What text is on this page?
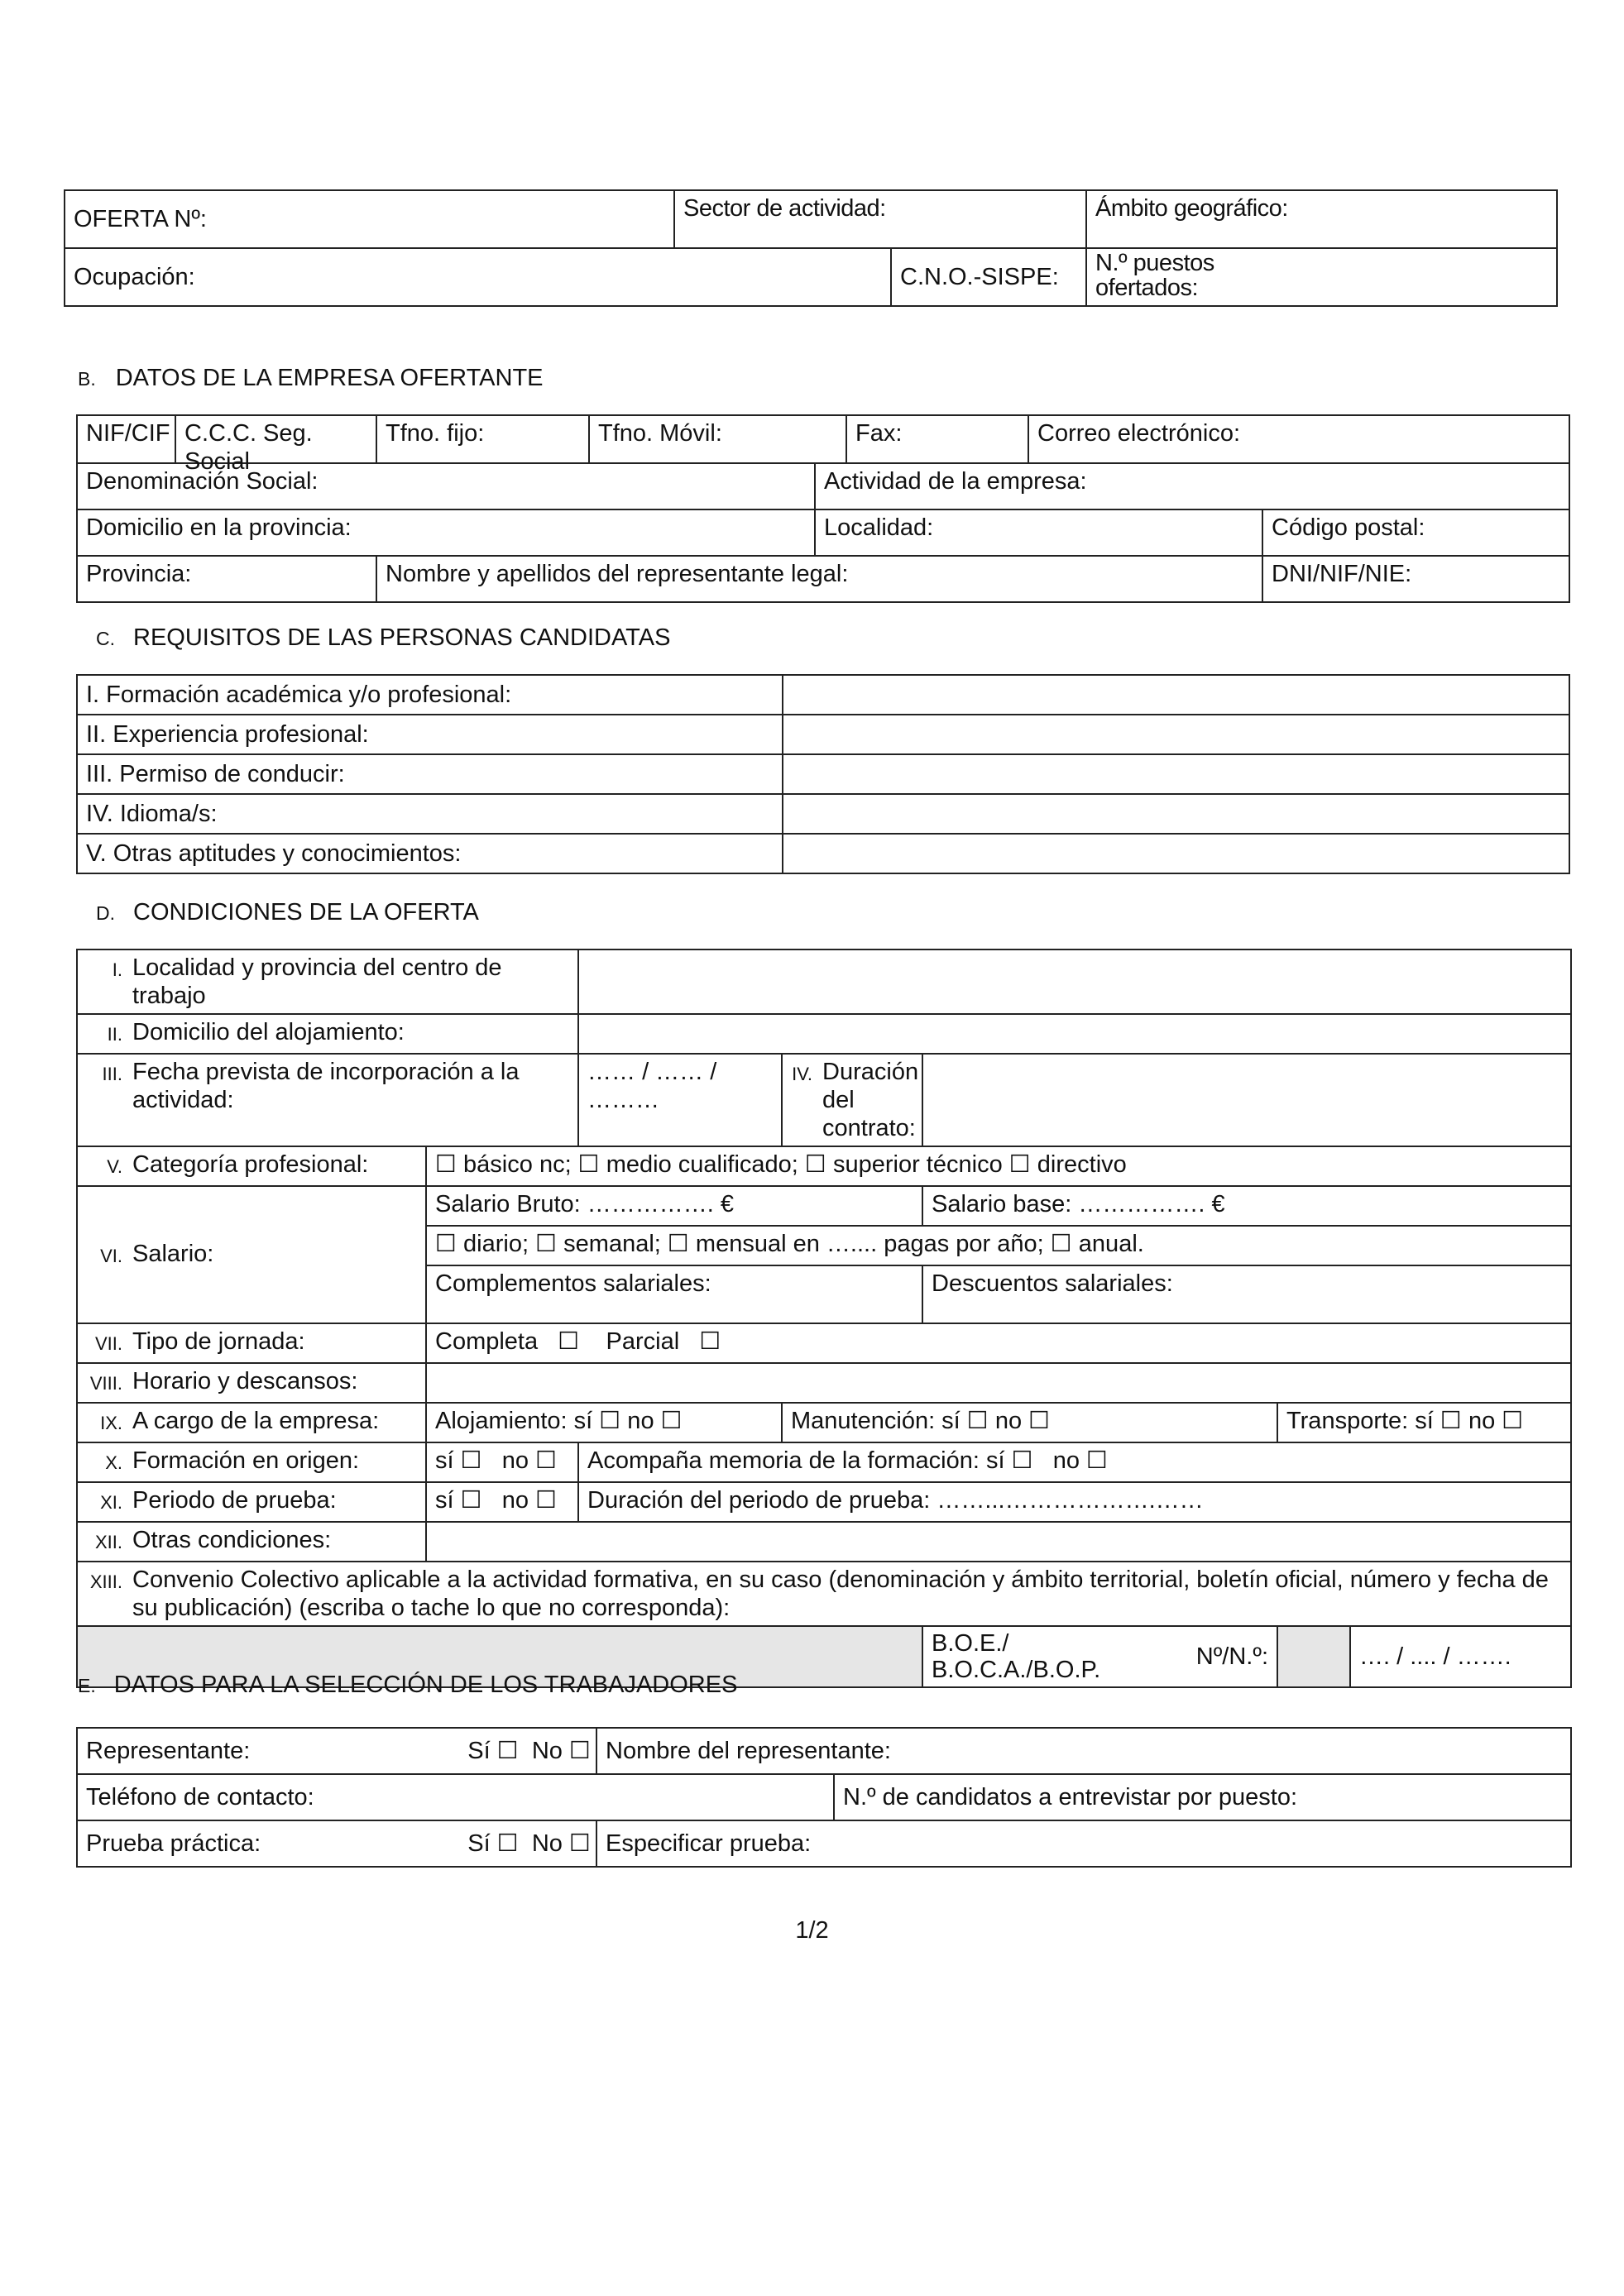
OFERTA Nº:	Sector de actividad:		Ámbito geográfico:
Ocupación:		C.N.O.-SISPE:	N.º puestos ofertados:
B. DATOS DE LA EMPRESA OFERTANTE
NIF/CIF	C.C.C. Seg. Social	Tfno. fijo:	Tfno. Móvil:		Fax:	Correo electrónico:	
Denominación Social:				Actividad de la empresa:			
Domicilio en la provincia:				Localidad:			Código postal:
Provincia:		Nombre y apellidos del representante legal:					DNI/NIF/NIE:
C. REQUISITOS DE LAS PERSONAS CANDIDATAS
I. Formación académica y/o profesional:	
II. Experiencia profesional:	
III. Permiso de conducir:	
IV. Idioma/s:	
V. Otras aptitudes y conocimientos:	
D. CONDICIONES DE LA OFERTA
I. Localidad y provincia del centro de trabajo						

II. Domicilio del alojamiento:						

III. Fecha prevista de incorporación a la actividad:		…… / …… / ………	IV. Duración del contrato:			

V. Categoría profesional:	☐ básico nc; ☐ medio cualificado; ☐ superior técnico ☐ directivo					

VI. Salario:	Salario Bruto: ……………. €			Salario base: ……………. €		
	☐ diario; ☐ semanal; ☐ mensual en ….... pagas por año; ☐ anual.					
	Complementos salariales:			Descuentos salariales:		

VII. Tipo de jornada:	Completa   ☐    Parcial   ☐					

VIII. Horario y descansos:						

IX. A cargo de la empresa:	Alojamiento: sí ☐ no ☐		Manutención: sí ☐ no ☐		Transporte: sí ☐ no ☐	

X. Formación en origen:	sí ☐   no ☐	Acompaña memoria de la formación: sí ☐   no ☐				

XI. Periodo de prueba:	sí ☐   no ☐	Duración del periodo de prueba: ……...……………….……				

XII. Otras condiciones:						

XIII. Convenio Colectivo aplicable a la actividad formativa, en su caso (denominación y ámbito territorial, boletín oficial, número y fecha de su publicación) (escriba o tache lo que no corresponda):						

				B.O.E./ B.O.C.A./B.O.P. Nº/N.º:		…. / .... / …….
E. DATOS PARA LA SELECCIÓN DE LOS TRABAJADORES
Representante:	Sí ☐  No ☐	Nombre del representante:	
Teléfono de contacto:			N.º de candidatos a entrevistar por puesto:
Prueba práctica:	Sí ☐  No ☐	Especificar prueba:	
1/2
